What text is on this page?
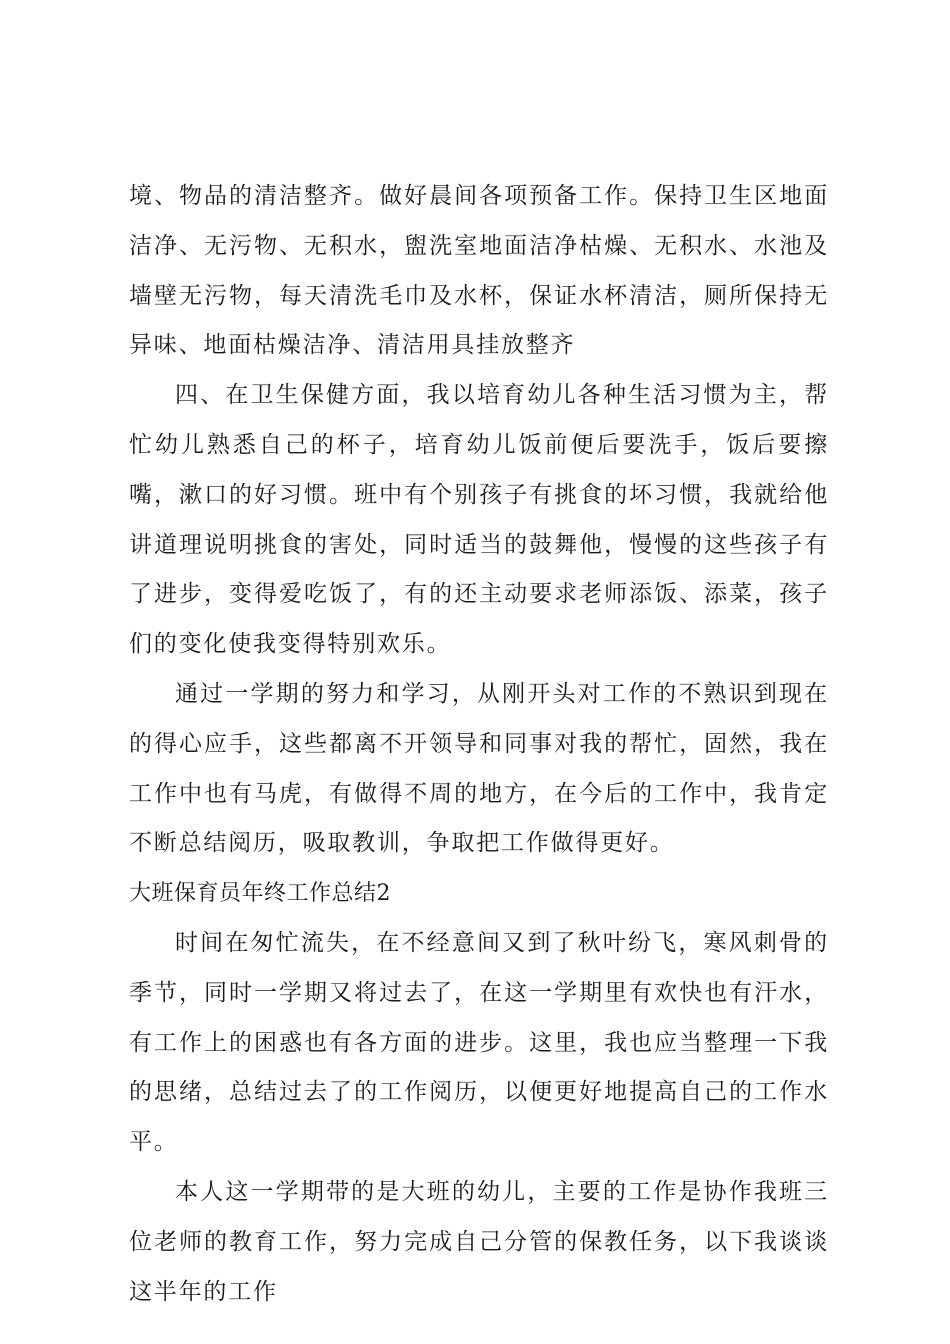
境、物品的清洁整齐。做好晨间各项预备工作。保持卫生区地面洁净、无污物、无积水，盥洗室地面洁净枯燥、无积水、水池及墙壁无污物，每天清洗毛巾及水杯，保证水杯清洁，厕所保持无异味、地面枯燥洁净、清洁用具挂放整齐

四、在卫生保健方面，我以培育幼儿各种生活习惯为主，帮忙幼儿熟悉自己的杯子，培育幼儿饭前便后要洗手，饭后要擦嘴，漱口的好习惯。班中有个别孩子有挑食的坏习惯，我就给他讲道理说明挑食的害处，同时适当的鼓舞他，慢慢的这些孩子有了进步，变得爱吃饭了，有的还主动要求老师添饭、添菜，孩子们的变化使我变得特别欢乐。

通过一学期的努力和学习，从刚开头对工作的不熟识到现在的得心应手，这些都离不开领导和同事对我的帮忙，固然，我在工作中也有马虎，有做得不周的地方，在今后的工作中，我肯定不断总结阅历，吸取教训，争取把工作做得更好。

大班保育员年终工作总结2

时间在匆忙流失，在不经意间又到了秋叶纷飞，寒风刺骨的季节，同时一学期又将过去了，在这一学期里有欢快也有汗水，有工作上的困惑也有各方面的进步。这里，我也应当整理一下我的思绪，总结过去了的工作阅历，以便更好地提高自己的工作水平。

本人这一学期带的是大班的幼儿，主要的工作是协作我班三位老师的教育工作，努力完成自己分管的保教任务，以下我谈谈这半年的工作
